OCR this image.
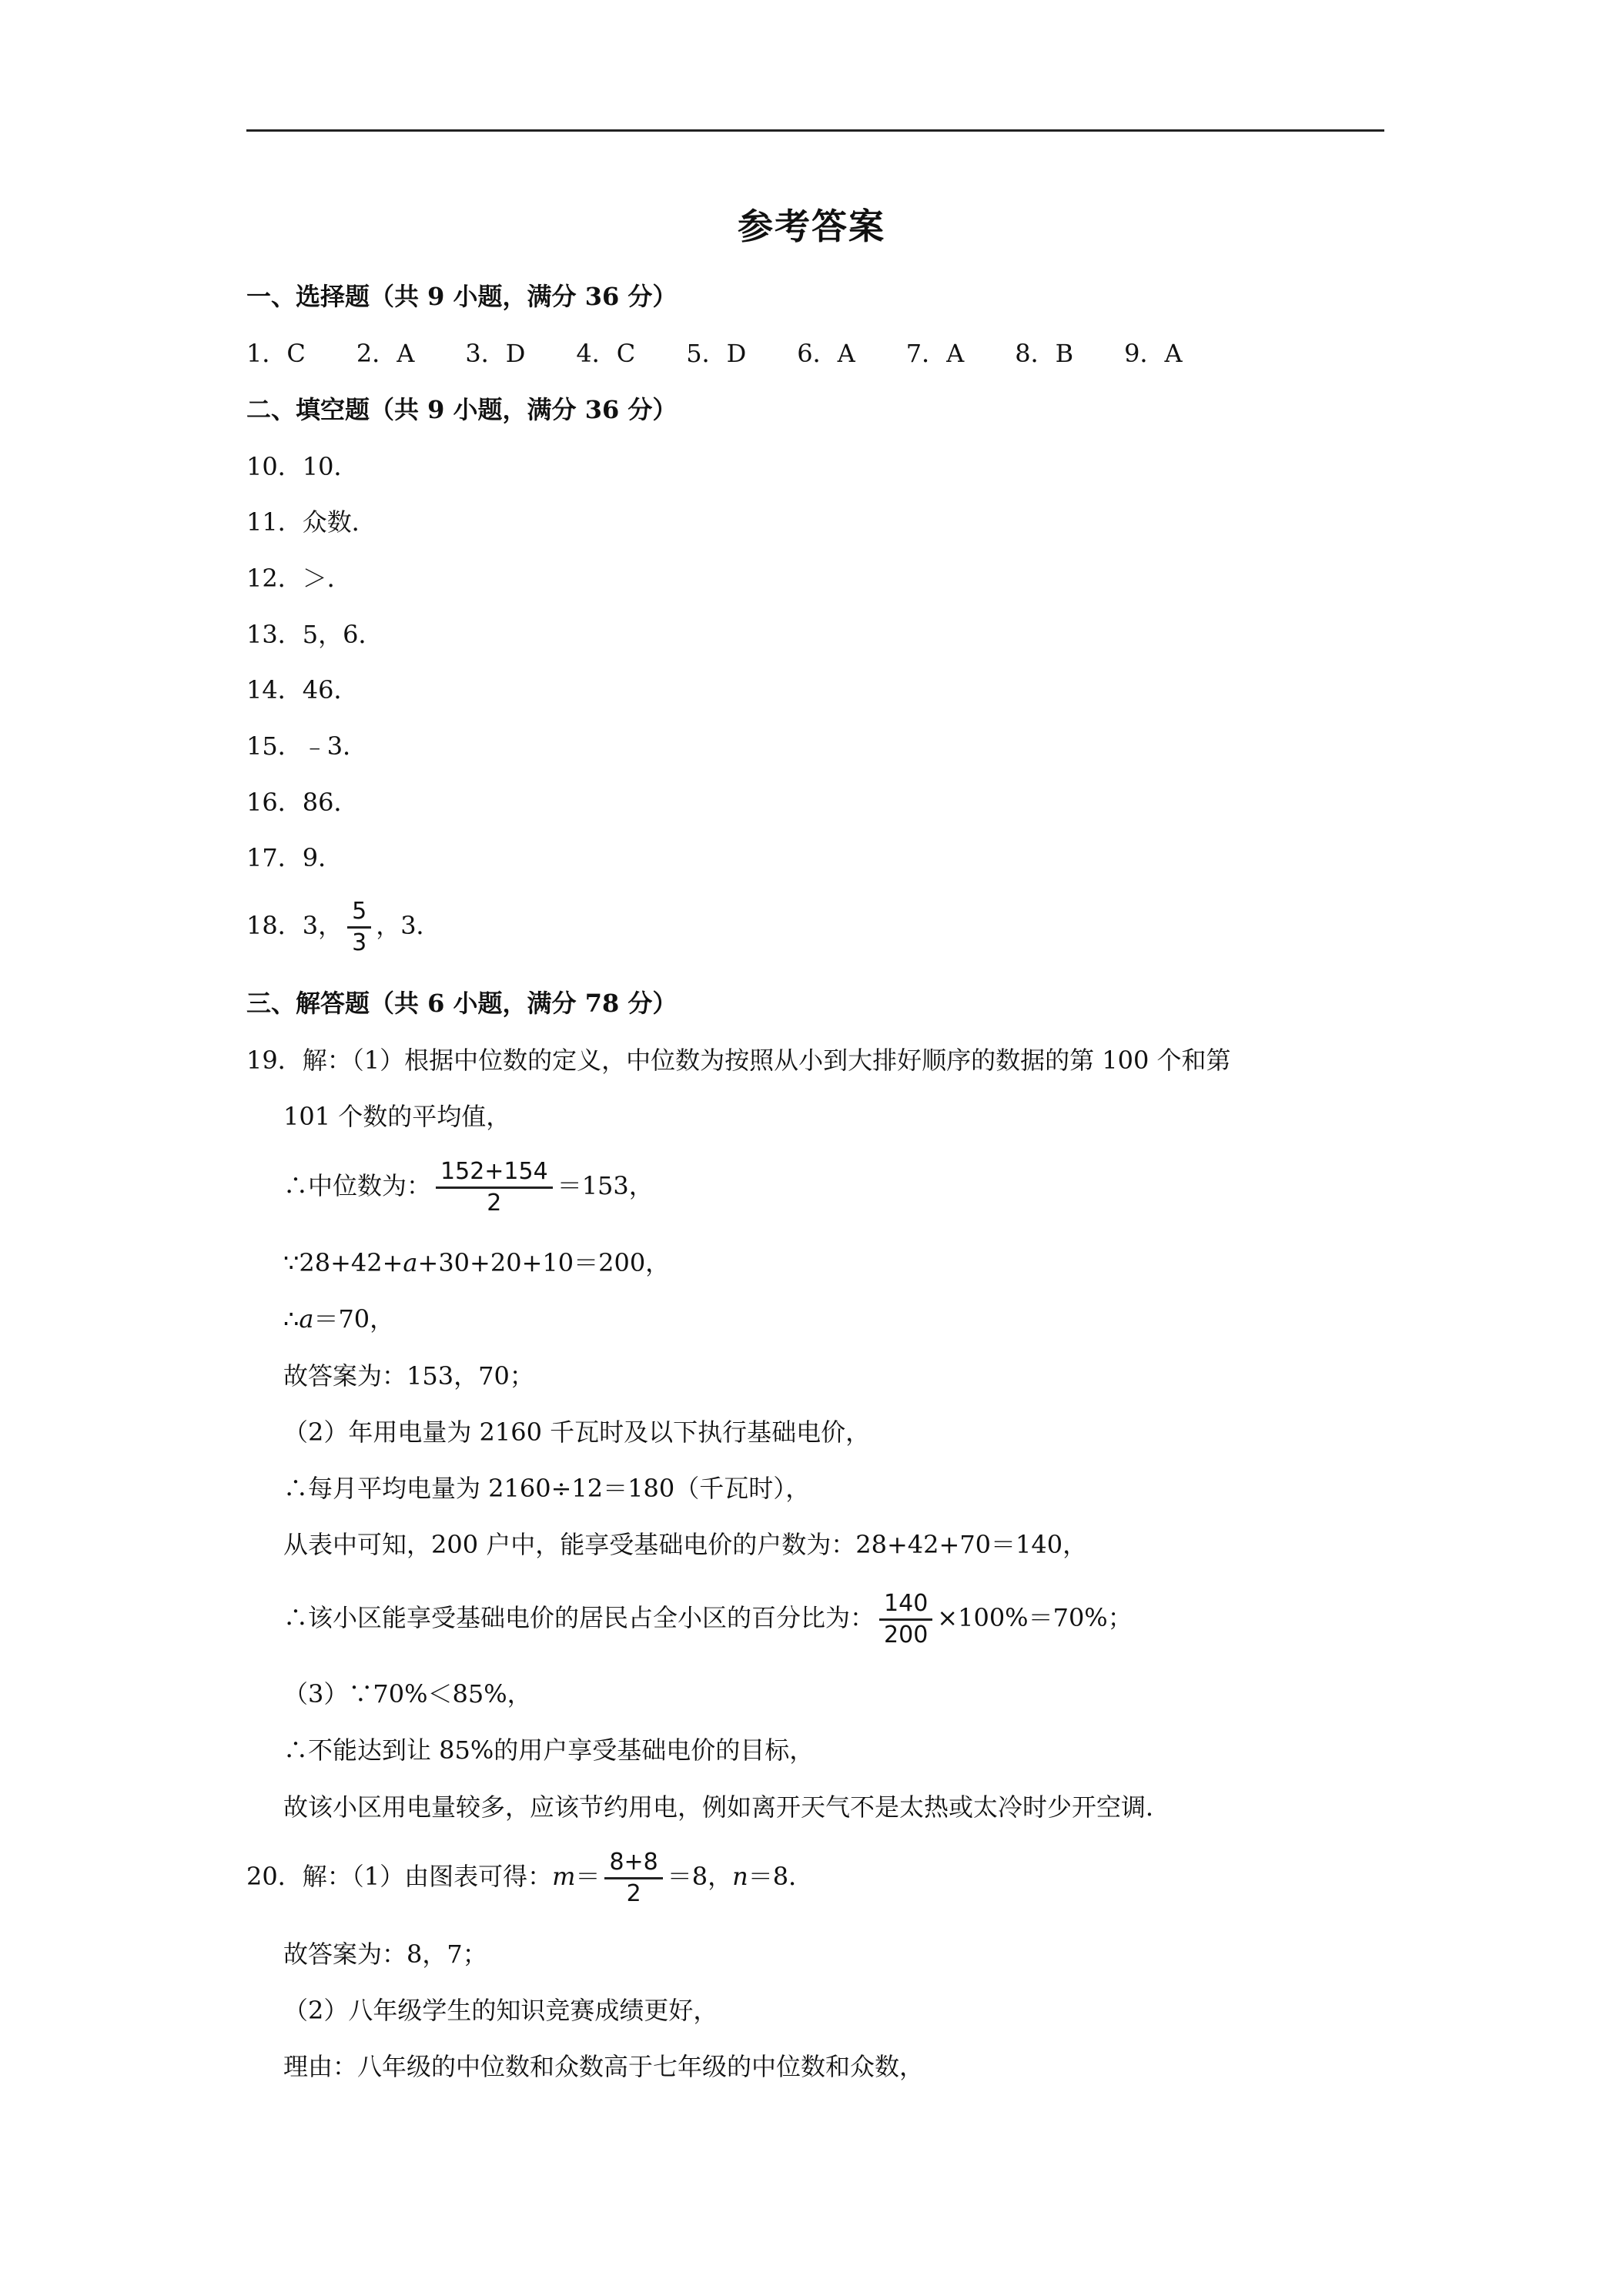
参考答案
一、选择题（共 9 小题，满分 36 分）
1．C 2．A 3．D 4．C 5．D 6．A 7．A 8．B 9．A
二、填空题（共 9 小题，满分 36 分）
10．10．
11．众数．
12．＞．
13．5，6．
14．46．
15．﹣3．
16．86．
17．9．
18．3， $\frac{5}{3}$ ，3．
三、解答题（共 6 小题，满分 78 分）
19．解：（1）根据中位数的定义，中位数为按照从小到大排好顺序的数据的第 100 个和第
101 个数的平均值，
∴中位数为： $\frac{152+154}{2} =153$，
∵28+42+a+30+20+10＝200，
∴a＝70，
故答案为：153，70；
（2）年用电量为 2160 千瓦时及以下执行基础电价，
∴每月平均电量为 2160÷12＝180（千瓦时），
从表中可知，200 户中，能享受基础电价的户数为：28+42+70＝140，
∴该小区能享受基础电价的居民占全小区的百分比为： $\frac{140}{200} \times 100\%=70\%$；
（3）∵70%＜85%，
∴不能达到让 85%的用户享受基础电价的目标，
故该小区用电量较多，应该节约用电，例如离开天气不是太热或太冷时少开空调．
20．解：（1）由图表可得：$m= \frac{8+8}{2} =8$，n＝8．
故答案为：8，7；
（2）八年级学生的知识竞赛成绩更好，
理由：八年级的中位数和众数高于七年级的中位数和众数，
